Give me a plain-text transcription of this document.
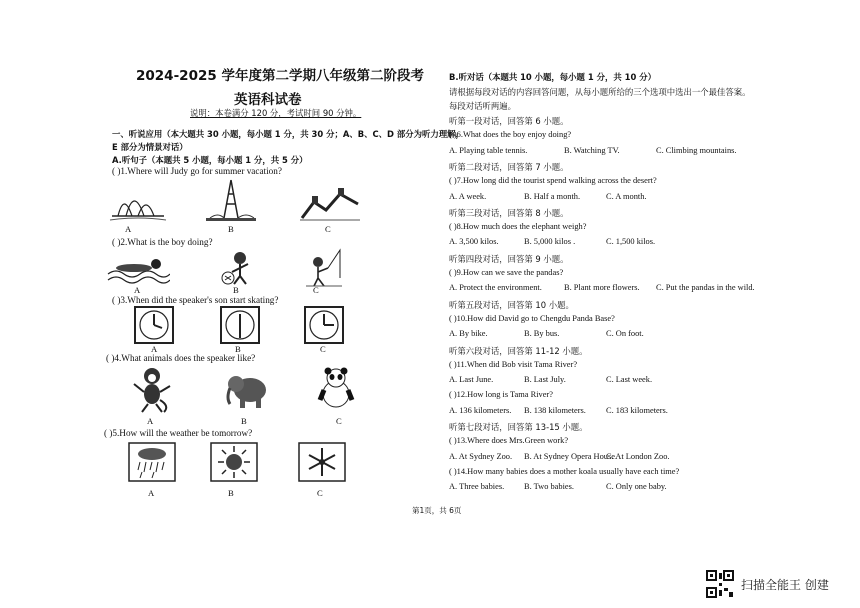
2024-2025 学年度第二学期八年级第二阶段考
英语科试卷
说明：本卷满分 120 分，考试时间 90 分钟。
一、听说应用（本大题共 30 小题，每小题 1 分，共 30 分；A、B、C、D 部分为听力理解，
E 部分为情景对话）
A.听句子（本题共 5 小题，每小题 1 分，共 5 分）
( )1.Where will Judy go for summer vacation?
A	B	C
( )2.What is the boy doing?
A	B	C
( )3.When did the speaker's son start skating?
A	B	C
( )4.What animals does the speaker like?
A	B	C
( )5.How will the weather be tomorrow?
A	B	C
B.听对话（本题共 10 小题，每小题 1 分，共 10 分）
请根据每段对话的内容回答问题，从每小题所给的三个选项中选出一个最佳答案。
每段对话听两遍。
听第一段对话，回答第 6 小题。
( )6.What does the boy enjoy doing?
A. Playing table tennis.	B. Watching TV.	C. Climbing mountains.
听第二段对话，回答第 7 小题。
( )7.How long did the tourist spend walking across the desert?
A. A week.	B. Half a month.	C. A month.
听第三段对话，回答第 8 小题。
( )8.How much does the elephant weigh?
A. 3,500 kilos.	B. 5,000 kilos .	C. 1,500 kilos.
听第四段对话，回答第 9 小题。
( )9.How can we save the pandas?
A. Protect the environment.	B. Plant more flowers. C. Put the pandas in the wild.
听第五段对话，回答第 10 小题。
( )10.How did David go to Chengdu Panda Base?
A. By bike.	B. By bus.	C. On foot.
听第六段对话，回答第 11-12 小题。
( )11.When did Bob visit Tama River?
A. Last June.	B. Last July.	C. Last week.
( )12.How long is Tama River?
A. 136 kilometers. B. 138 kilometers. C. 183 kilometers.
听第七段对话，回答第 13-15 小题。
( )13.Where does Mrs.Green work?
A. At Sydney Zoo. B. At Sydney Opera House.
C. At London Zoo.
( )14.How many babies does a mother koala usually have each time?
A. Three babies. B. Two babies.	C. Only one baby.
第1页，共 6页
扫描全能王 创建
